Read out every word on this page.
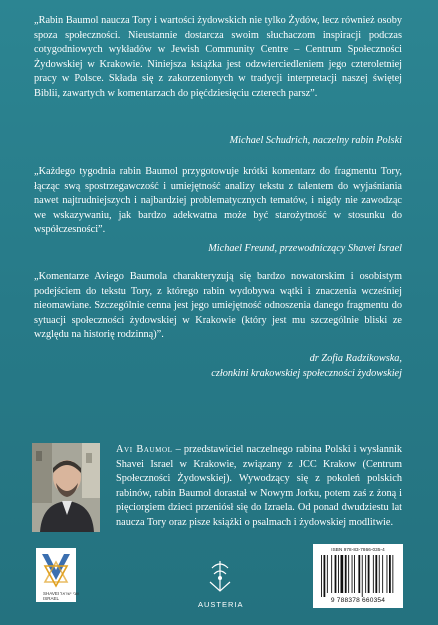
„Rabin Baumol naucza Tory i wartości żydowskich nie tylko Żydów, lecz również osoby spoza społeczności. Nieustannie dostarcza swoim słuchaczom inspiracji podczas cotygodniowych wykładów w Jewish Community Centre – Centrum Społeczności Żydowskiej w Krakowie. Niniejsza książka jest odzwierciedleniem jego czteroletniej pracy w Polsce. Składa się z zakorzenionych w tradycji interpretacji naszej świętej Biblii, zawartych w komentarzach do pięćdziesięciu czterech parsz”.

Michael Schudrich, naczelny rabin Polski

„Każdego tygodnia rabin Baumol przygotowuje krótki komentarz do fragmentu Tory, łącząc swą spostrzegawczość i umiejętność analizy tekstu z talentem do wyjaśniania nawet najtrudniejszych i najbardziej problematycznych tematów, i nigdy nie zawodząc we wskazywaniu, jak bardzo adekwatna może być starożytność w stosunku do współczesności”.

Michael Freund, przewodniczący Shavei Israel

„Komentarze Aviego Baumola charakteryzują się bardzo nowatorskim i osobistym podejściem do tekstu Tory, z którego rabin wydobywa wątki i znaczenia wcześniej nieomawiane. Szczególnie cenna jest jego umiejętność odnoszenia danego fragmentu do sytuacji społeczności żydowskiej w Krakowie (który jest mu szczególnie bliski ze względu na historię rodzinną)”.

dr Zofia Radzikowska,
członkini krakowskiej społeczności żydowskiej
Avi Baumol – przedstawiciel naczelnego rabina Polski i wysłannik Shavei Israel w Krakowie, związany z JCC Krakow (Centrum Społeczności Żydowskiej). Wywodzący się z pokoleń polskich rabinów, rabin Baumol dorastał w Nowym Jorku, potem zaś z żoną i pięciorgiem dzieci przeniósł się do Izraela. Od ponad dwudziestu lat naucza Tory oraz pisze książki o psalmach i żydowskiej modlitwie.
SHAVEI
ISRAEL
שבי ישראל
AUSTERIA
ISBN 978-83-7866-035-4
9 788378 660354
